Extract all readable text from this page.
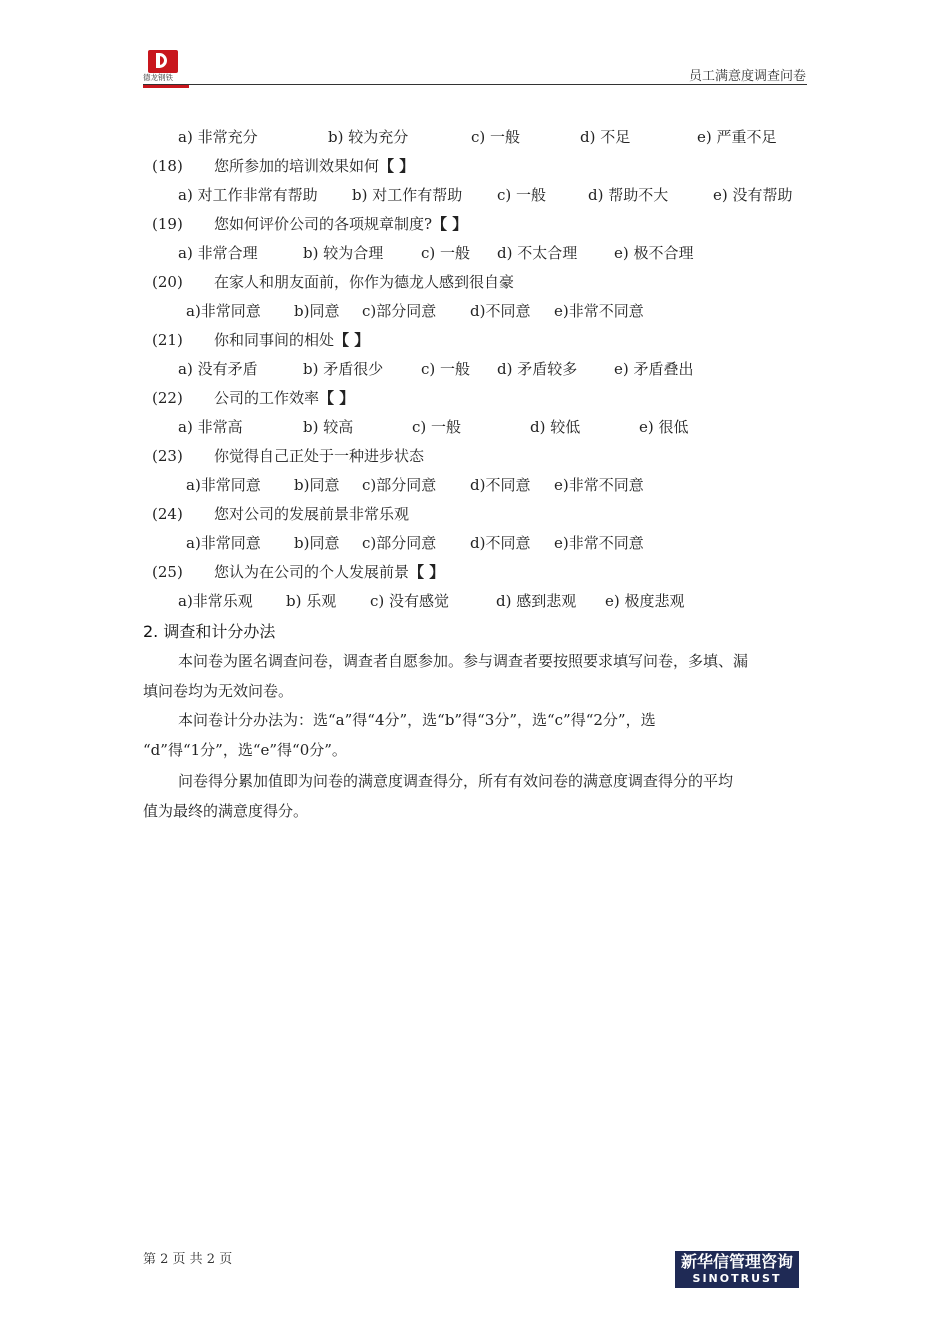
德龙钢铁	员工满意度调查问卷
a) 非常充分	b) 较为充分	c) 一般	d) 不足	e) 严重不足
(18) 您所参加的培训效果如何【 】
a) 对工作非常有帮助 b) 对工作有帮助 c) 一般	d) 帮助不大	e) 没有帮助
(19) 您如何评价公司的各项规章制度?【 】
a) 非常合理	b) 较为合理	c) 一般 d) 不太合理 e) 极不合理
(20) 在家人和朋友面前，你作为德龙人感到很自豪
a)非常同意 b)同意 c)部分同意 d)不同意 e)非常不同意
(21) 你和同事间的相处【 】
a) 没有矛盾	b) 矛盾很少	c) 一般 d) 矛盾较多 e) 矛盾叠出
(22) 公司的工作效率【 】
a) 非常高	b) 较高	c) 一般	d) 较低	e) 很低
(23) 你觉得自己正处于一种进步状态
a)非常同意 b)同意 c)部分同意 d)不同意 e)非常不同意
(24) 您对公司的发展前景非常乐观
a)非常同意 b)同意 c)部分同意 d)不同意 e)非常不同意
(25) 您认为在公司的个人发展前景【 】
a)非常乐观 b) 乐观 c) 没有感觉	d) 感到悲观 e) 极度悲观
2. 调查和计分办法
本问卷为匿名调查问卷，调查者自愿参加。参与调查者要按照要求填写问卷，多填、漏
填问卷均为无效问卷。
本问卷计分办法为：选“a”得“4分”，选“b”得“3分”，选“c”得“2分”，选
“d”得“1分”，选“e”得“0分”。
问卷得分累加值即为问卷的满意度调查得分，所有有效问卷的满意度调查得分的平均
值为最终的满意度得分。
第 2 页 共 2 页	新华信管理咨询
SINOTRUST
